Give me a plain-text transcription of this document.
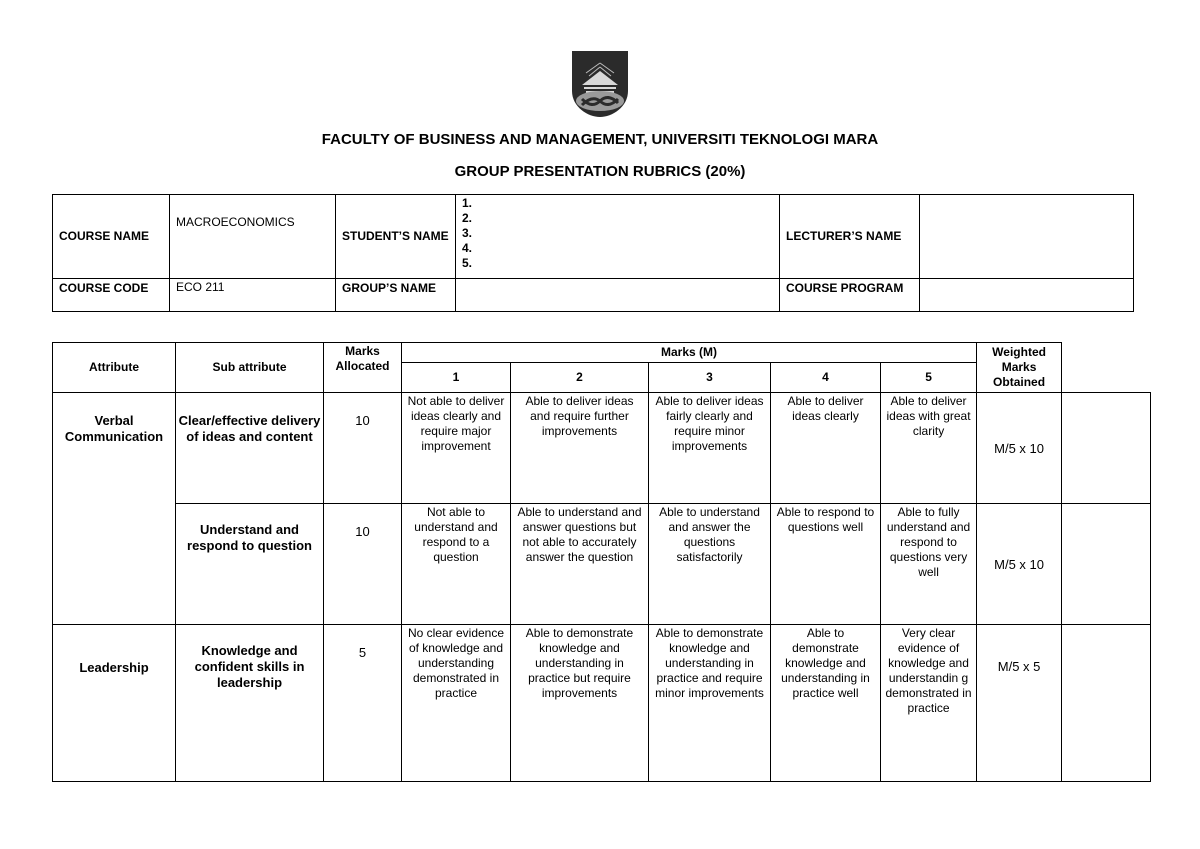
FACULTY OF BUSINESS AND MANAGEMENT, UNIVERSITI TEKNOLOGI MARA
GROUP PRESENTATION RUBRICS (20%)
COURSE NAME	MACROECONOMICS	STUDENT’S NAME	1.
2.
3.
4.
5.	LECTURER’S NAME	
COURSE CODE	ECO 211	GROUP’S NAME		COURSE PROGRAM	
Attribute	Sub attribute	Marks Allocated	Marks (M)					Weighted Marks Obtained	
			1	2	3	4	5		
Verbal Communication	Clear/effective delivery of ideas and content	10	Not able to deliver ideas clearly and require major improvement	Able to deliver ideas and require further improvements	Able to deliver ideas fairly clearly and require minor improvements	Able to deliver ideas clearly	Able to deliver ideas with great clarity	M/5 x 10	
	Understand and respond to question	10	Not able to understand and respond to a question	Able to understand and answer questions but not able to accurately answer the question	Able to understand and answer the questions satisfactorily	Able to respond to questions well	Able to fully understand and respond to questions very well	M/5 x 10	
Leadership	Knowledge and confident skills in leadership	5	No clear evidence of knowledge and understanding demonstrated in practice	Able to demonstrate knowledge and understanding in practice but require improvements	Able to demonstrate knowledge and understanding in practice and require minor improvements	Able to demonstrate knowledge and understanding in practice well	Very clear evidence of knowledge and understandin g demonstrated in practice	M/5 x 5	
